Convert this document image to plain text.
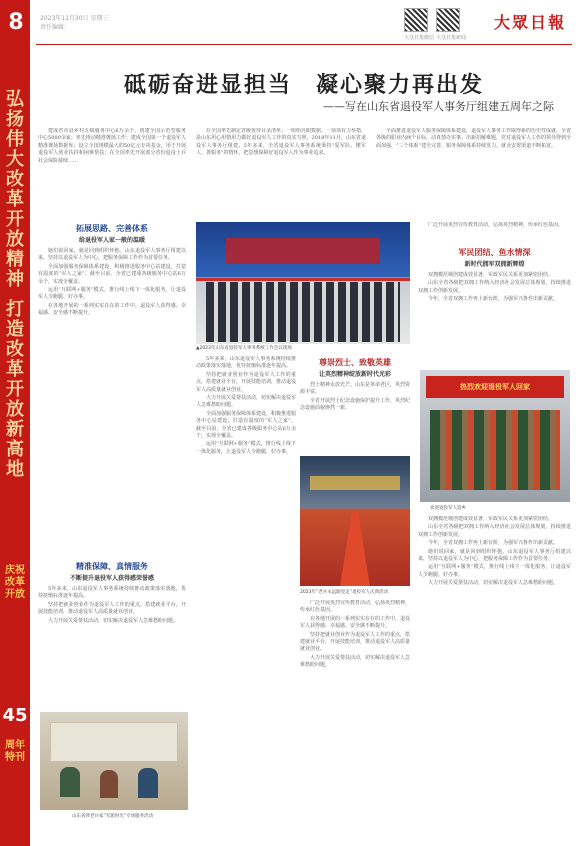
8
弘扬伟大改革开放精神
打造改革开放新高地
庆祝改革开放
45
周年特刊
2023年11月30日 星期三
责任编辑：
大众日报微信 大众日报新闻
大眾日報
砥砺奋进显担当　凝心聚力再出发
——写在山东省退役军人事务厅组建五周年之际

建成省市县乡村五级服务中心6万余个、创建全国示范型服务中心5000余家；率先推动精准褒扬工作；建成全国第一个退役军人精准褒扬数据库；设立全国规模最大的50亿元专项基金，用于开展退役军人创业扶持和困难帮扶；在全国率先开展部分省份退役士兵社会保险接续……

在全国率先制定省级优待目录清单；一组组亮眼数据、一项项有力举措，是山东用心用情用力做好退役军人工作的真实写照。2018年11月，山东省退役军人事务厅组建。5年多来，全省退役军人事务系统秉持“爱军队、懂军人、善服务”的情怀，把思想保障好退役军人作为事业追求。

全面推进退役军人服务保障体系建设，退役军人事务工作取得新的历史性成就。全省各级的职业内涵个目标，动真情办实事、出新招解难题，党对退役军人工作的领导得到全面加强，“三个体系”建全完善，服务保障体系持续发力，就业安置渠道不断拓宽。

拓展思路、完善体系
给退役军人家一般的温暖

她们说回家，就是回到组织怀抱。山东退役军人事务厅组建以来，坚持以退役军人为中心，把服务保障工作作为首要任务。

全面加强服务保障体系建设，积极推进服务中心站建设，打造有温度的“军人之家”。截至目前，全省已建成各级服务中心站6万余个，实现全覆盖。

运用“互联网+服务”模式，推行线上线下一体化服务，让退役军人少跑腿、好办事。

在各地开展的一系列实实在在的工作中，退役军人获得感、幸福感、安全感不断提升。

精准保障、真情服务
不断提升退役军人获得感荣誉感

5年多来，山东退役军人事务系统持续推动政策落实落地，优待抚恤标准逐年提高。

坚持把就业创业作为退役军人工作的重点，搭建就业平台，开展技能培训，推动退役军人高质量就业创业。

大力开展关爱帮扶活动，切实解决退役军人急难愁盼问题。

山东省涉老兵家“军旅时光”专场服务活动
▲2023年山东省退役军人事务系统工作会议现场

5年多来，山东退役军人事务系统持续推动政策落实落地，优待抚恤标准逐年提高。

坚持把就业创业作为退役军人工作的重点，搭建就业平台，开展技能培训，推动退役军人高质量就业创业。

大力开展关爱帮扶活动，切实解决退役军人急难愁盼问题。

全面加强服务保障体系建设，积极推进服务中心站建设，打造有温度的“军人之家”。截至目前，全省已建成各级服务中心站6万余个，实现全覆盖。

运用“互联网+服务”模式，推行线上线下一体化服务，让退役军人少跑腿、好办事。

尊崇烈士、致敬英雄
让英烈精神绽放新时代光彩

烈士精神永放光芒。山东是革命老区，英烈资源丰富。

全省开展烈士纪念设施保护提升工作，英烈纪念设施面貌焕然一新。

2023年“老兵永远跟党走”退役军人庆典活动

广泛开展英烈宣传教育活动，弘扬英烈精神，传承红色基因。

在各地开展的一系列实实在在的工作中，退役军人获得感、幸福感、安全感不断提升。

坚持把就业创业作为退役军人工作的重点，搭建就业平台，开展技能培训，推动退役军人高质量就业创业。

大力开展关爱帮扶活动，切实解决退役军人急难愁盼问题。

广泛开展英烈宣传教育活动，弘扬英烈精神，传承红色基因。

军民团结、鱼水情深
新时代拥军双拥新辉煌

双拥模范城创建成效显著，军政军民关系更加紧密团结。

山东全省各级把双拥工作纳入经济社会发展总体规划，持续推进双拥工作创新发展。

今年，全省双拥工作再上新台阶，为强军兴鲁作出新贡献。

热烈欢迎退役军人回家
欢迎退役军人返乡

双拥模范城创建成效显著，军政军民关系更加紧密团结。

山东全省各级把双拥工作纳入经济社会发展总体规划，持续推进双拥工作创新发展。

今年，全省双拥工作再上新台阶，为强军兴鲁作出新贡献。

她们说回家，就是回到组织怀抱。山东退役军人事务厅组建以来，坚持以退役军人为中心，把服务保障工作作为首要任务。

运用“互联网+服务”模式，推行线上线下一体化服务，让退役军人少跑腿、好办事。

大力开展关爱帮扶活动，切实解决退役军人急难愁盼问题。
